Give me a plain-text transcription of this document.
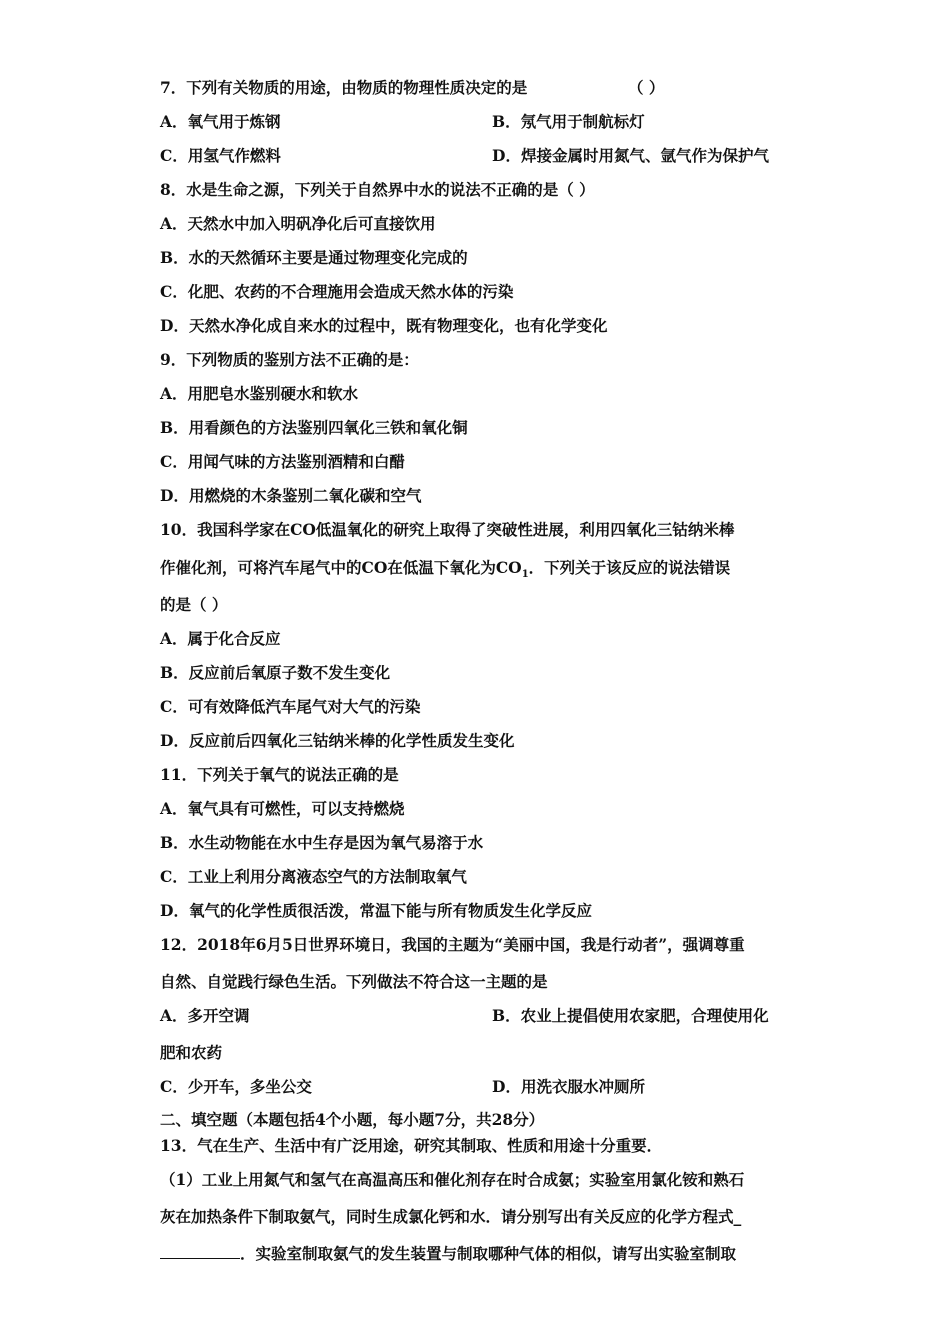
7．下列有关物质的用途，由物质的物理性质决定的是	（ ）
A．氧气用于炼钢	B．氖气用于制航标灯
C．用氢气作燃料	D．焊接金属时用氮气、氩气作为保护气
8．水是生命之源，下列关于自然界中水的说法不正确的是（ ）
A．天然水中加入明矾净化后可直接饮用
B．水的天然循环主要是通过物理变化完成的
C．化肥、农药的不合理施用会造成天然水体的污染
D．天然水净化成自来水的过程中，既有物理变化，也有化学变化
9．下列物质的鉴别方法不正确的是：
A．用肥皂水鉴别硬水和软水
B．用看颜色的方法鉴别四氧化三铁和氧化铜
C．用闻气味的方法鉴别酒精和白醋
D．用燃烧的木条鉴别二氧化碳和空气
10．我国科学家在CO低温氧化的研究上取得了突破性进展，利用四氧化三钴纳米棒
作催化剂，可将汽车尾气中的CO在低温下氧化为$CO_1$．下列关于该反应的说法错误
的是（ ）
A．属于化合反应
B．反应前后氧原子数不发生变化
C．可有效降低汽车尾气对大气的污染
D．反应前后四氧化三钴纳米棒的化学性质发生变化
11．下列关于氧气的说法正确的是
A．氧气具有可燃性，可以支持燃烧
B．水生动物能在水中生存是因为氧气易溶于水
C．工业上利用分离液态空气的方法制取氧气
D．氧气的化学性质很活泼，常温下能与所有物质发生化学反应
12．2018年6月5日世界环境日，我国的主题为“美丽中国，我是行动者”，强调尊重
自然、自觉践行绿色生活。下列做法不符合这一主题的是
A．多开空调	B．农业上提倡使用农家肥，合理使用化
肥和农药
C．少开车，多坐公交	D．用洗衣服水冲厕所
二、填空题（本题包括4个小题，每小题7分，共28分）
13．气在生产、生活中有广泛用途，研究其制取、性质和用途十分重要．
（1）工业上用氮气和氢气在高温高压和催化剂存在时合成氨；实验室用氯化铵和熟石
灰在加热条件下制取氨气，同时生成氯化钙和水．请分别写出有关反应的化学方程式_
．实验室制取氨气的发生装置与制取哪种气体的相似，请写出实验室制取
